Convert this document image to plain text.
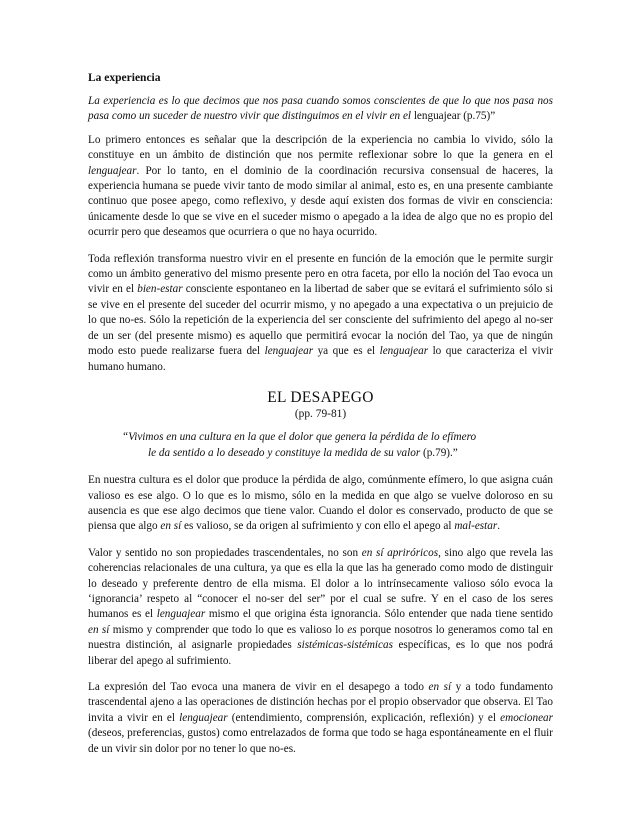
La experiencia

La experiencia es lo que decimos que nos pasa cuando somos conscientes de que lo que nos pasa nos pasa como un suceder de nuestro vivir que distinguimos en el vivir en el lenguajear (p.75)”

Lo primero entonces es señalar que la descripción de la experiencia no cambia lo vivido, sólo la constituye en un ámbito de distinción que nos permite reflexionar sobre lo que la genera en el lenguajear. Por lo tanto, en el dominio de la coordinación recursiva consensual de haceres, la experiencia humana se puede vivir tanto de modo similar al animal, esto es, en una presente cambiante continuo que posee apego, como reflexivo, y desde aquí existen dos formas de vivir en consciencia: únicamente desde lo que se vive en el suceder mismo o apegado a la idea de algo que no es propio del ocurrir pero que deseamos que ocurriera o que no haya ocurrido.

Toda reflexión transforma nuestro vivir en el presente en función de la emoción que le permite surgir como un ámbito generativo del mismo presente pero en otra faceta, por ello la noción del Tao evoca un vivir en el bien-estar consciente espontaneo en la libertad de saber que se evitará el sufrimiento sólo si se vive en el presente del suceder del ocurrir mismo, y no apegado a una expectativa o un prejuicio de lo que no-es. Sólo la repetición de la experiencia del ser consciente del sufrimiento del apego al no-ser de un ser (del presente mismo) es aquello que permitirá evocar la noción del Tao, ya que de ningún modo esto puede realizarse fuera del lenguajear ya que es el lenguajear lo que caracteriza el vivir humano humano.

EL DESAPEGO
(pp. 79-81)
“Vivimos en una cultura en la que el dolor que genera la pérdida de lo efímero
le da sentido a lo deseado y constituye la medida de su valor (p.79).”

En nuestra cultura es el dolor que produce la pérdida de algo, comúnmente efímero, lo que asigna cuán valioso es ese algo. O lo que es lo mismo, sólo en la medida en que algo se vuelve doloroso en su ausencia es que ese algo decimos que tiene valor. Cuando el dolor es conservado, producto de que se piensa que algo en sí es valioso, se da origen al sufrimiento y con ello el apego al mal-estar.

Valor y sentido no son propiedades trascendentales, no son en sí apriróricos, sino algo que revela las coherencias relacionales de una cultura, ya que es ella la que las ha generado como modo de distinguir lo deseado y preferente dentro de ella misma. El dolor a lo intrínsecamente valioso sólo evoca la ‘ignorancia’ respeto al “conocer el no-ser del ser” por el cual se sufre. Y en el caso de los seres humanos es el lenguajear mismo el que origina ésta ignorancia. Sólo entender que nada tiene sentido en sí mismo y comprender que todo lo que es valioso lo es porque nosotros lo generamos como tal en nuestra distinción, al asignarle propiedades sistémicas-sistémicas específicas, es lo que nos podrá liberar del apego al sufrimiento.

La expresión del Tao evoca una manera de vivir en el desapego a todo en sí y a todo fundamento trascendental ajeno a las operaciones de distinción hechas por el propio observador que observa. El Tao invita a vivir en el lenguajear (entendimiento, comprensión, explicación, reflexión) y el emocionear (deseos, preferencias, gustos) como entrelazados de forma que todo se haga espontáneamente en el fluir de un vivir sin dolor por no tener lo que no-es.
